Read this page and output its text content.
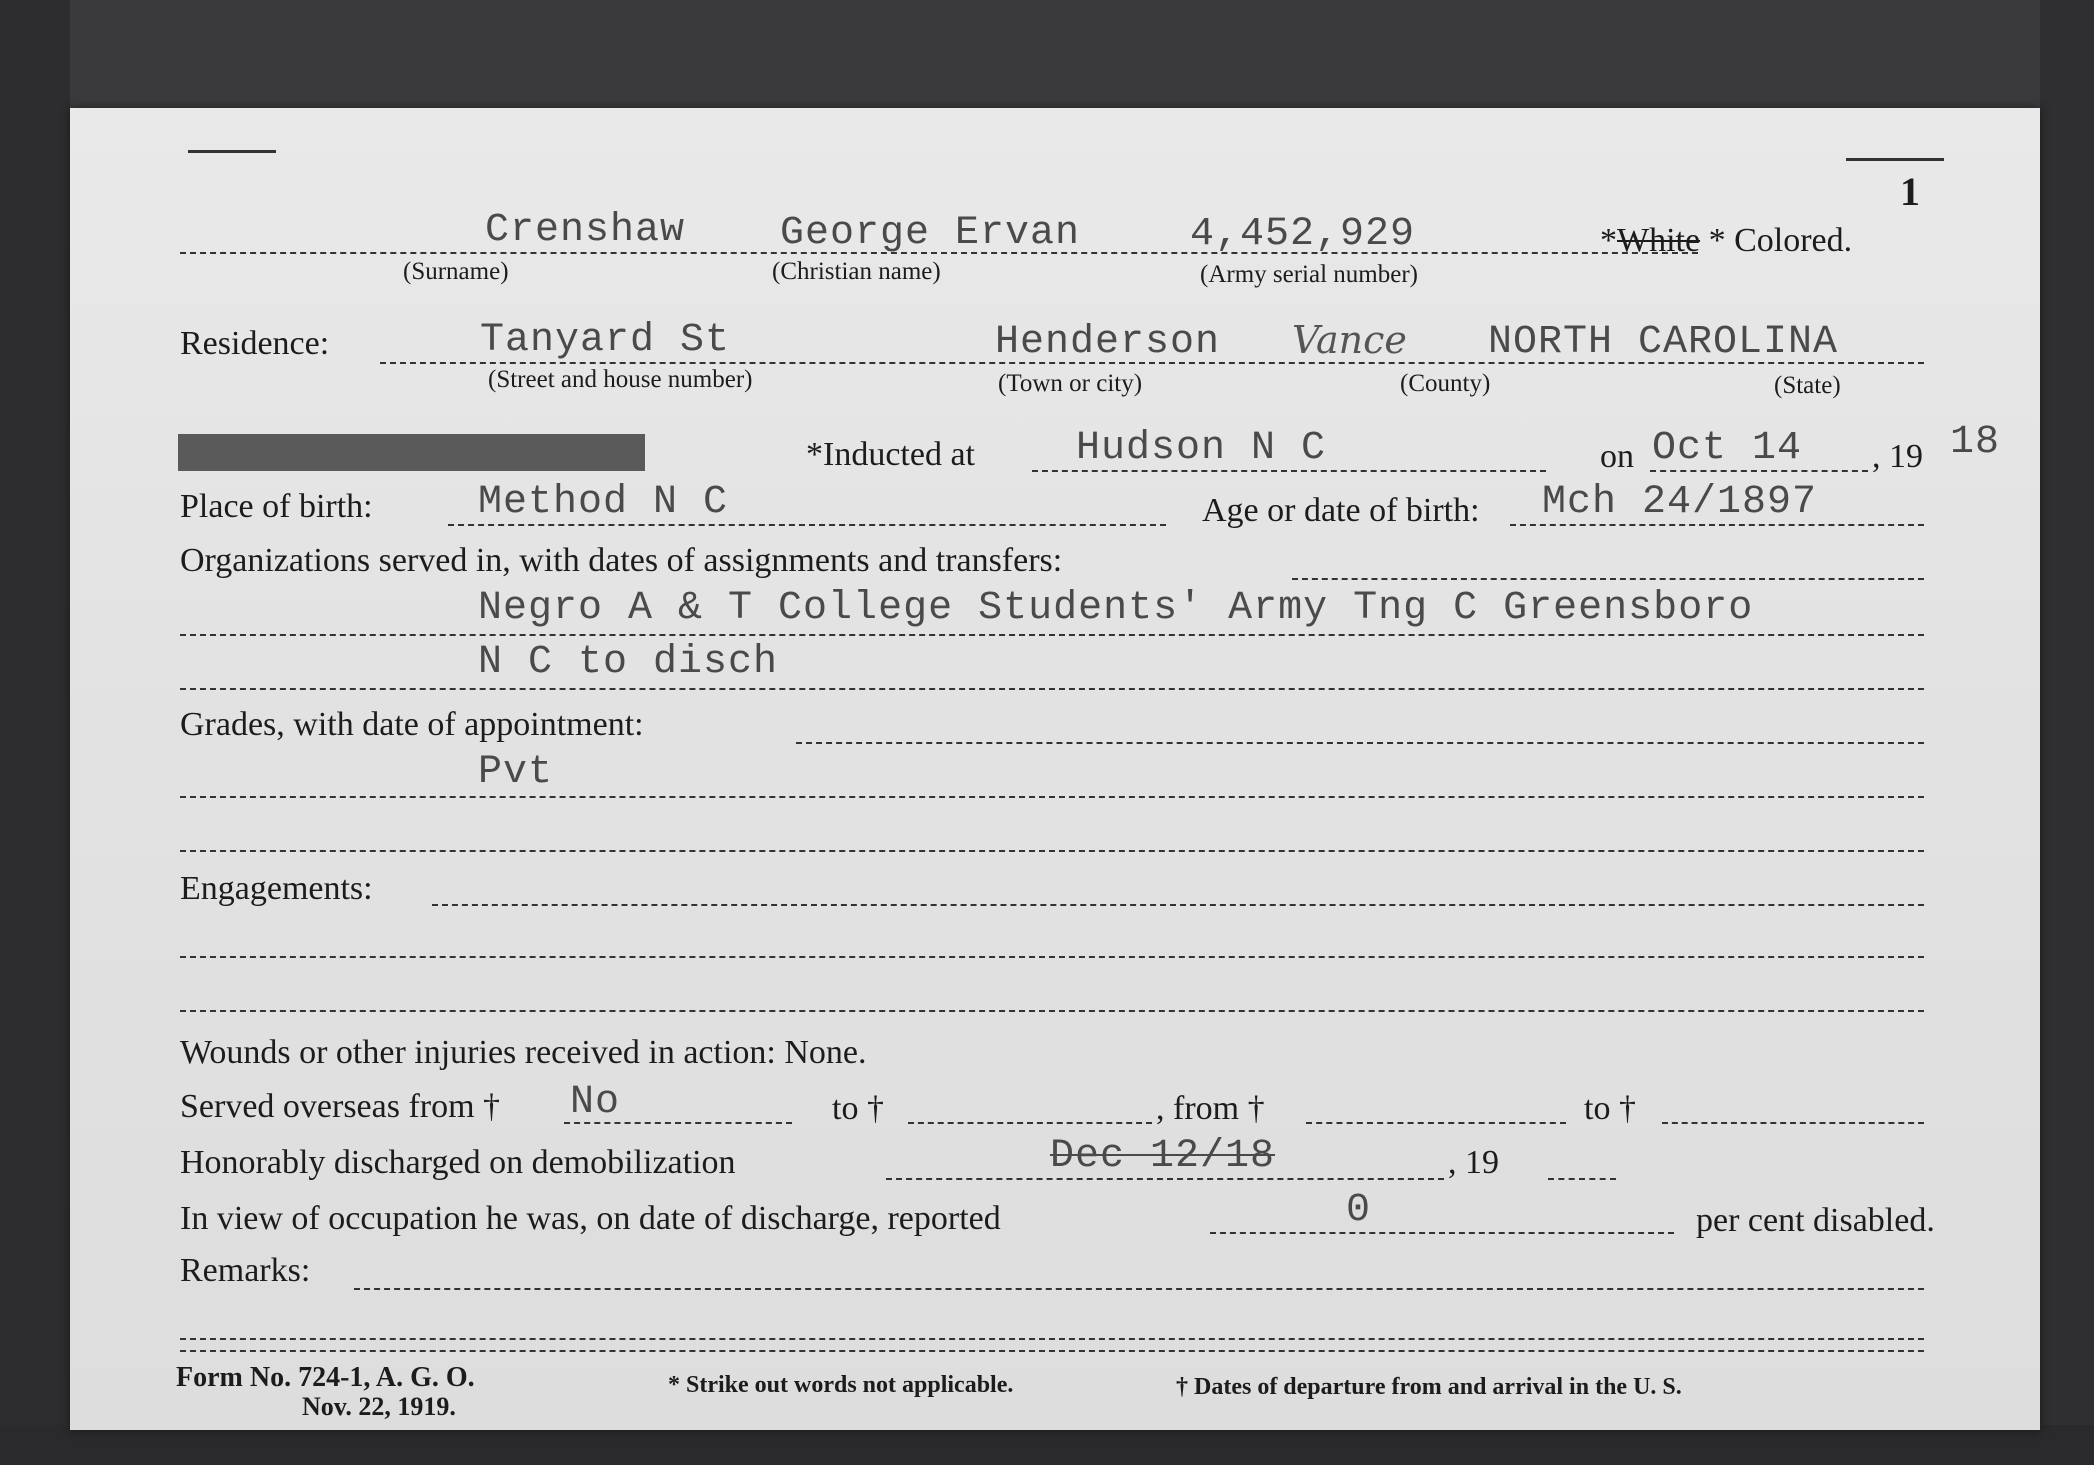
1
Crenshaw George Ervan	4,452,929
(Surname)	(Christian name)	(Army serial number)
*White * Colored.
Residence:	Tanyard St	Henderson Vance NORTH CAROLINA
(Street and house number)	(Town or city)	(County)	(State)
*Enlisted *R. A. *N. G. *E. R. C.	*Inducted at	Hudson N C	on Oct 14 , 19 18
Place of birth:	Method N C	Age or date of birth: Mch 24/1897
Organizations served in, with dates of assignments and transfers:
Negro A & T College Students' Army Tng C Greensboro
N C to disch
Grades, with date of appointment:
Pvt
Engagements:
Wounds or other injuries received in action: None.
Served overseas from † No	to †	, from †	to †
Honorably discharged on demobilization	Dec 12/18	, 19
In view of occupation he was, on date of discharge, reported	0	per cent disabled.
Remarks:
Form No. 724-1, A. G. O.
Nov. 22, 1919.
* Strike out words not applicable.	† Dates of departure from and arrival in the U. S.
